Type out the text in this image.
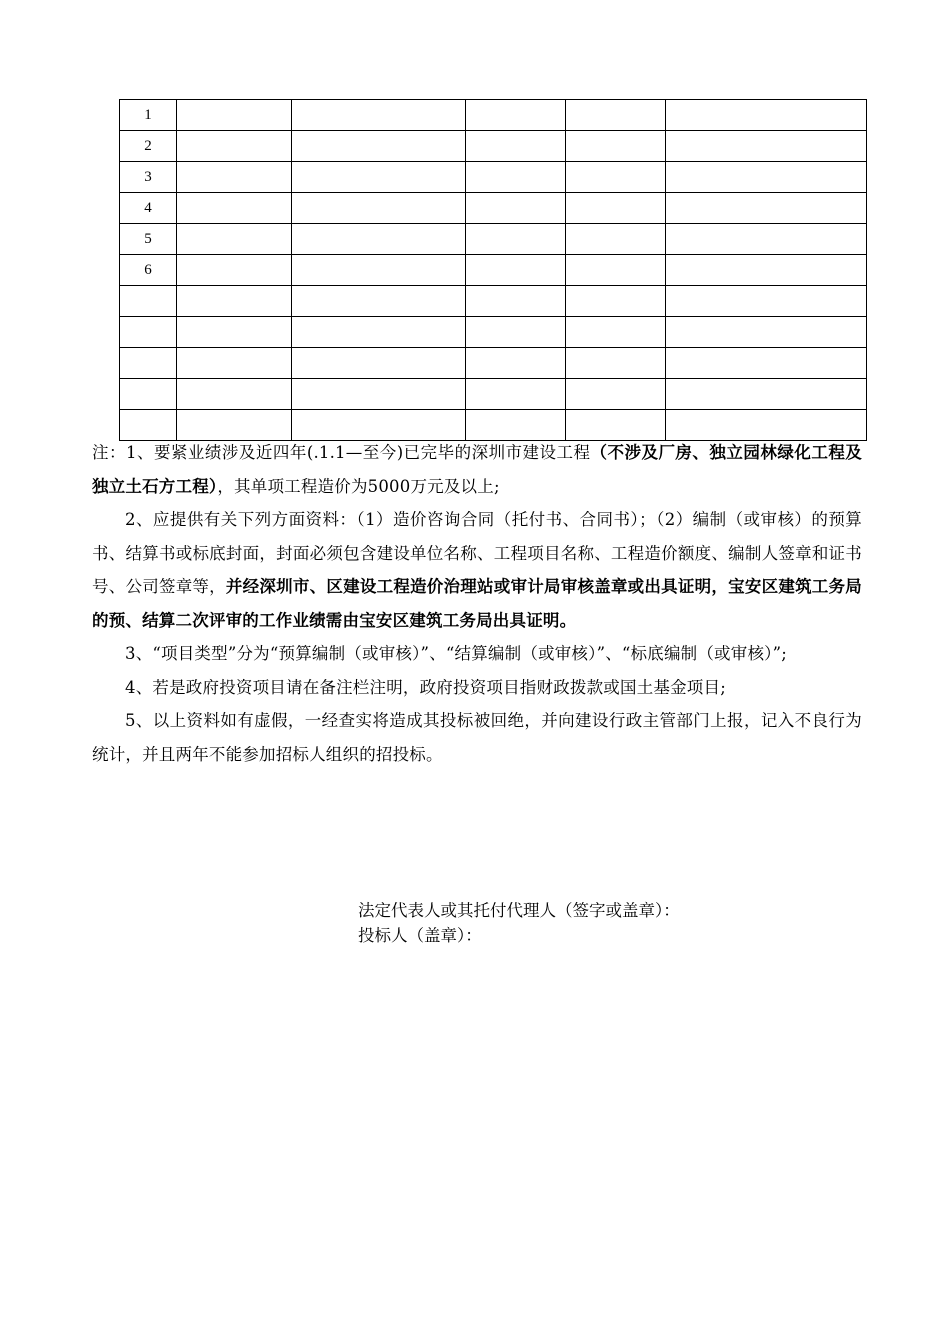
1					
2					
3					
4					
5					
6					

注：1、要紧业绩涉及近四年(.1.1—至今)已完毕的深圳市建设工程（不涉及厂房、独立园林绿化工程及独立土石方工程），其单项工程造价为5000万元及以上;

2、应提供有关下列方面资料：（1）造价咨询合同（托付书、合同书）；（2）编制（或审核）的预算书、结算书或标底封面，封面必须包含建设单位名称、工程项目名称、工程造价额度、编制人签章和证书号、公司签章等，并经深圳市、区建设工程造价治理站或审计局审核盖章或出具证明，宝安区建筑工务局的预、结算二次评审的工作业绩需由宝安区建筑工务局出具证明。

3、“项目类型”分为“预算编制（或审核）”、“结算编制（或审核）”、“标底编制（或审核）”;

4、若是政府投资项目请在备注栏注明，政府投资项目指财政拨款或国土基金项目;

5、以上资料如有虚假，一经查实将造成其投标被回绝，并向建设行政主管部门上报，记入不良行为统计，并且两年不能参加招标人组织的招投标。

法定代表人或其托付代理人（签字或盖章）：
投标人（盖章）：
